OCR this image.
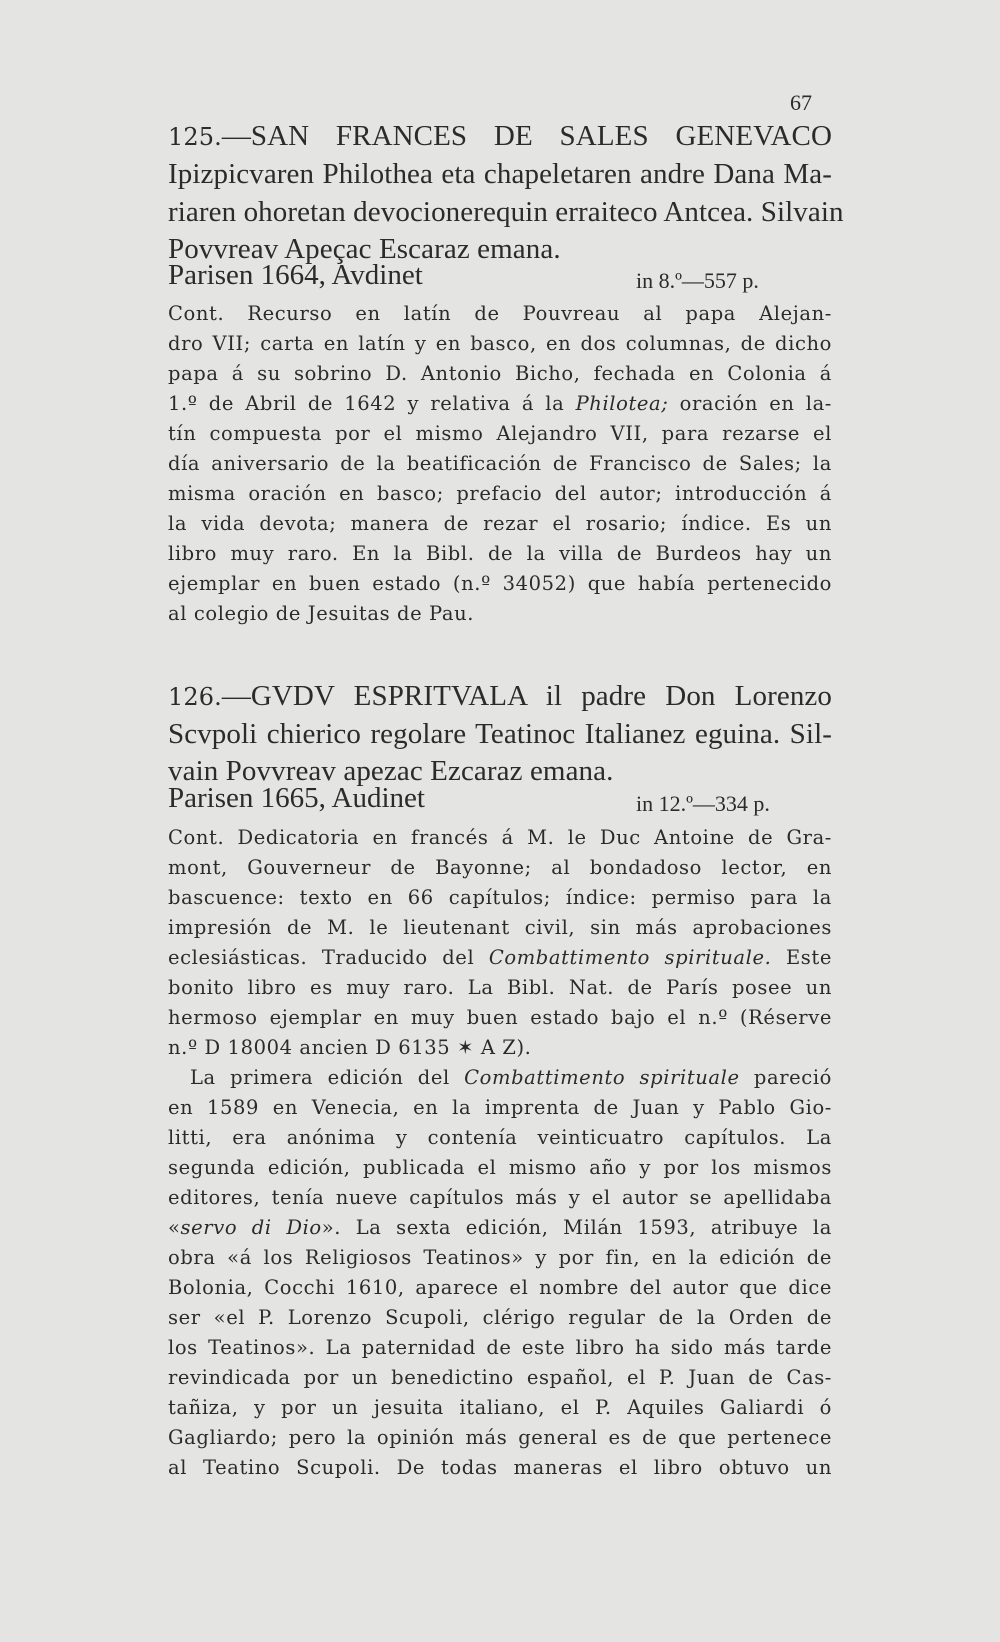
67
125.—SAN FRANCES DE SALES GENEVACO
Ipizpicvaren Philothea eta chapeletaren andre Dana Ma-
riaren ohoretan devocionerequin erraiteco Antcea. Silvain
Povvreav Apeçac Escaraz emana.
Parisen 1664, Avdinet	in 8.º—557 p.
Cont. Recurso en latín de Pouvreau al papa Alejan-
dro VII; carta en latín y en basco, en dos columnas, de dicho
papa á su sobrino D. Antonio Bicho, fechada en Colonia á
1.º de Abril de 1642 y relativa á la Philotea; oración en la-
tín compuesta por el mismo Alejandro VII, para rezarse el
día aniversario de la beatificación de Francisco de Sales; la
misma oración en basco; prefacio del autor; introducción á
la vida devota; manera de rezar el rosario; índice. Es un
libro muy raro. En la Bibl. de la villa de Burdeos hay un
ejemplar en buen estado (n.º 34052) que había pertenecido
al colegio de Jesuitas de Pau.
126.—GVDV ESPRITVALA il padre Don Lorenzo
Scvpoli chierico regolare Teatinoc Italianez eguina. Sil-
vain Povvreav apezac Ezcaraz emana.
Parisen 1665, Audinet	in 12.º—334 p.
Cont. Dedicatoria en francés á M. le Duc Antoine de Gra-
mont, Gouverneur de Bayonne; al bondadoso lector, en
bascuence: texto en 66 capítulos; índice: permiso para la
impresión de M. le lieutenant civil, sin más aprobaciones
eclesiásticas. Traducido del Combattimento spirituale. Este
bonito libro es muy raro. La Bibl. Nat. de París posee un
hermoso ejemplar en muy buen estado bajo el n.º (Réserve
n.º D 18004 ancien D 6135 ✶ A Z).
La primera edición del Combattimento spirituale pareció
en 1589 en Venecia, en la imprenta de Juan y Pablo Gio-
litti, era anónima y contenía veinticuatro capítulos. La
segunda edición, publicada el mismo año y por los mismos
editores, tenía nueve capítulos más y el autor se apellidaba
«servo di Dio». La sexta edición, Milán 1593, atribuye la
obra «á los Religiosos Teatinos» y por fin, en la edición de
Bolonia, Cocchi 1610, aparece el nombre del autor que dice
ser «el P. Lorenzo Scupoli, clérigo regular de la Orden de
los Teatinos». La paternidad de este libro ha sido más tarde
revindicada por un benedictino español, el P. Juan de Cas-
tañiza, y por un jesuita italiano, el P. Aquiles Galiardi ó
Gagliardo; pero la opinión más general es de que pertenece
al Teatino Scupoli. De todas maneras el libro obtuvo un
